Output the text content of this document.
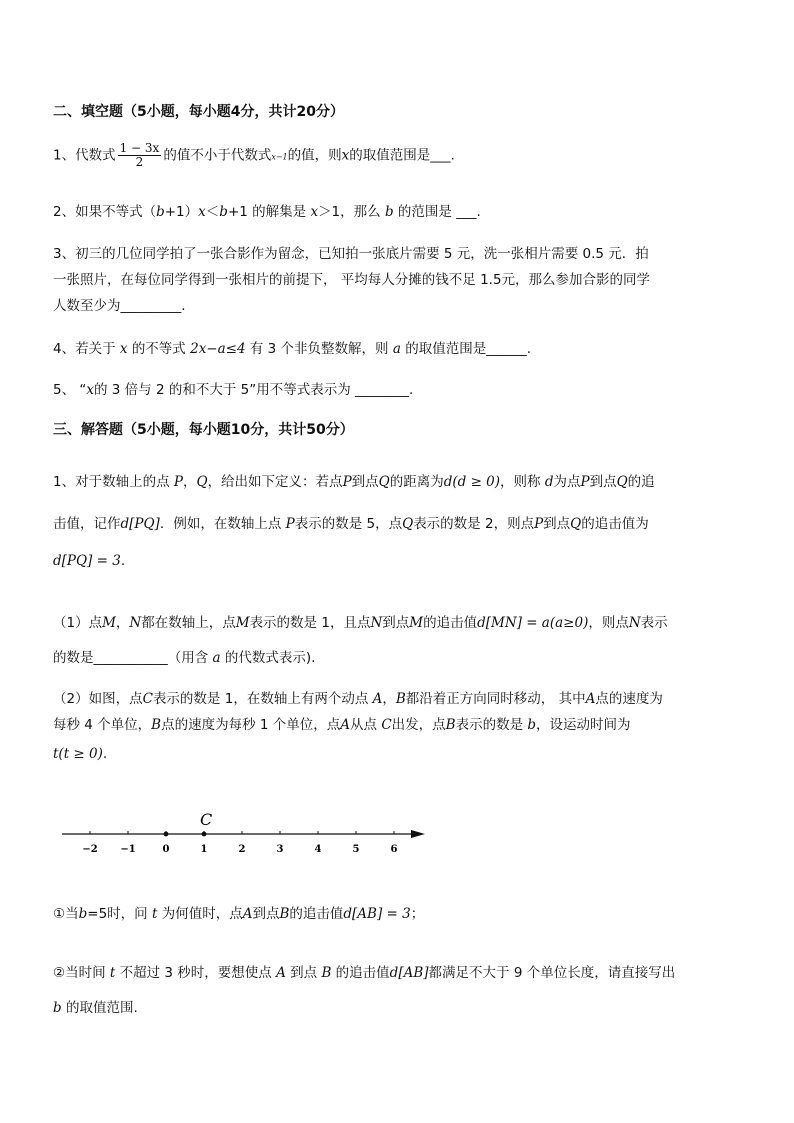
二、填空题（5小题，每小题4分，共计20分）
1、代数式 $\frac{1 - 3x}{2}$ 的值不小于代数式x−1的值，则x的取值范围是___.
2、如果不等式（b+1）x＜b+1 的解集是 x＞1，那么 b 的范围是 ___.
3、初三的几位同学拍了一张合影作为留念，已知拍一张底片需要 5 元，洗一张相片需要 0.5 元．拍
一张照片，在每位同学得到一张相片的前提下， 平均每人分摊的钱不足 1.5元，那么参加合影的同学
人数至少为_________.
4、若关于 x 的不等式 2x−a≤4 有 3 个非负整数解，则 a 的取值范围是______.
5、 “x的 3 倍与 2 的和不大于 5”用不等式表示为 ________.
三、解答题（5小题，每小题10分，共计50分）
1、对于数轴上的点 P，Q，给出如下定义：若点P到点Q的距离为d(d ≥ 0)，则称 d为点P到点Q的追
击值，记作d[PQ]．例如，在数轴上点 P表示的数是 5，点Q表示的数是 2，则点P到点Q的追击值为
d[PQ] = 3.
（1）点M，N都在数轴上，点M表示的数是 1，且点N到点M的追击值d[MN] = a(a≥0)，则点N表示
的数是___________（用含 a 的代数式表示).
（2）如图，点C表示的数是 1，在数轴上有两个动点 A，B都沿着正方向同时移动， 其中A点的速度为
每秒 4 个单位，B点的速度为每秒 1 个单位，点A从点 C出发，点B表示的数是 b，设运动时间为
t(t ≥ 0).
−2 −1	0	1	2	3	4	5	6
C
①当b=5时，问 t 为何值时，点A到点B的追击值d[AB] = 3；
②当时间 t 不超过 3 秒时，要想使点 A 到点 B 的追击值d[AB]都满足不大于 9 个单位长度，请直接写出
b 的取值范围.
